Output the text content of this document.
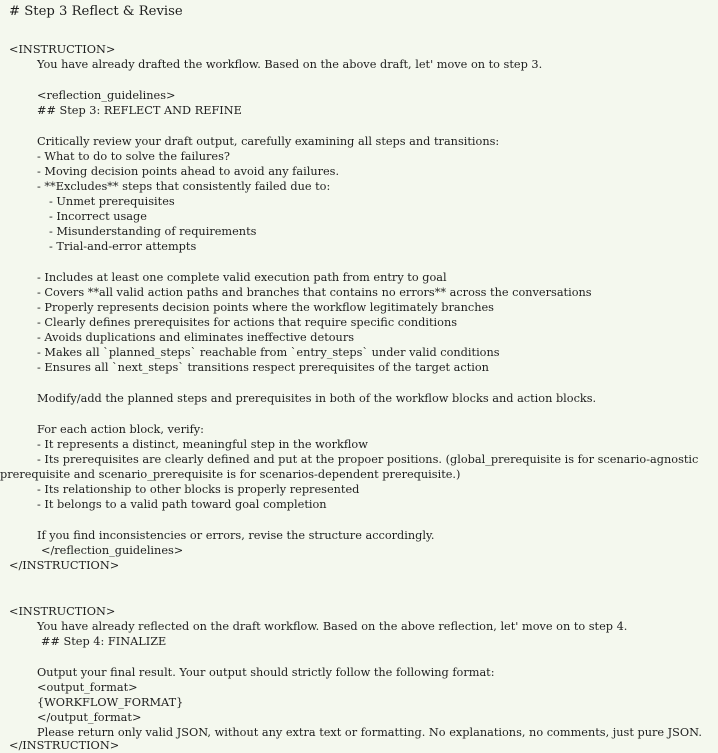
# Step 3 Reflect & Revise
<INSTRUCTION>
You have already drafted the workflow. Based on the above draft, let' move on to step 3.
<reflection_guidelines>
## Step 3: REFLECT AND REFINE
Critically review your draft output, carefully examining all steps and transitions:
- What to do to solve the failures?
- Moving decision points ahead to avoid any failures.
- **Excludes** steps that consistently failed due to:
- Unmet prerequisites
- Incorrect usage
- Misunderstanding of requirements
- Trial-and-error attempts
- Includes at least one complete valid execution path from entry to goal
- Covers **all valid action paths and branches that contains no errors** across the conversations
- Properly represents decision points where the workflow legitimately branches
- Clearly defines prerequisites for actions that require specific conditions
- Avoids duplications and eliminates ineffective detours
- Makes all `planned_steps` reachable from `entry_steps` under valid conditions
- Ensures all `next_steps` transitions respect prerequisites of the target action
Modify/add the planned steps and prerequisites in both of the workflow blocks and action blocks.
For each action block, verify:
- It represents a distinct, meaningful step in the workflow
- Its prerequisites are clearly defined and put at the propoer positions. (global_prerequisite is for scenario-agnostic
prerequisite and scenario_prerequisite is for scenarios-dependent prerequisite.)
- Its relationship to other blocks is properly represented
- It belongs to a valid path toward goal completion
If you find inconsistencies or errors, revise the structure accordingly.
</reflection_guidelines>
</INSTRUCTION>
<INSTRUCTION>
You have already reflected on the draft workflow. Based on the above reflection, let' move on to step 4.
## Step 4: FINALIZE
Output your final result. Your output should strictly follow the following format:
<output_format>
{WORKFLOW_FORMAT}
</output_format>
Please return only valid JSON, without any extra text or formatting. No explanations, no comments, just pure JSON.
</INSTRUCTION>
